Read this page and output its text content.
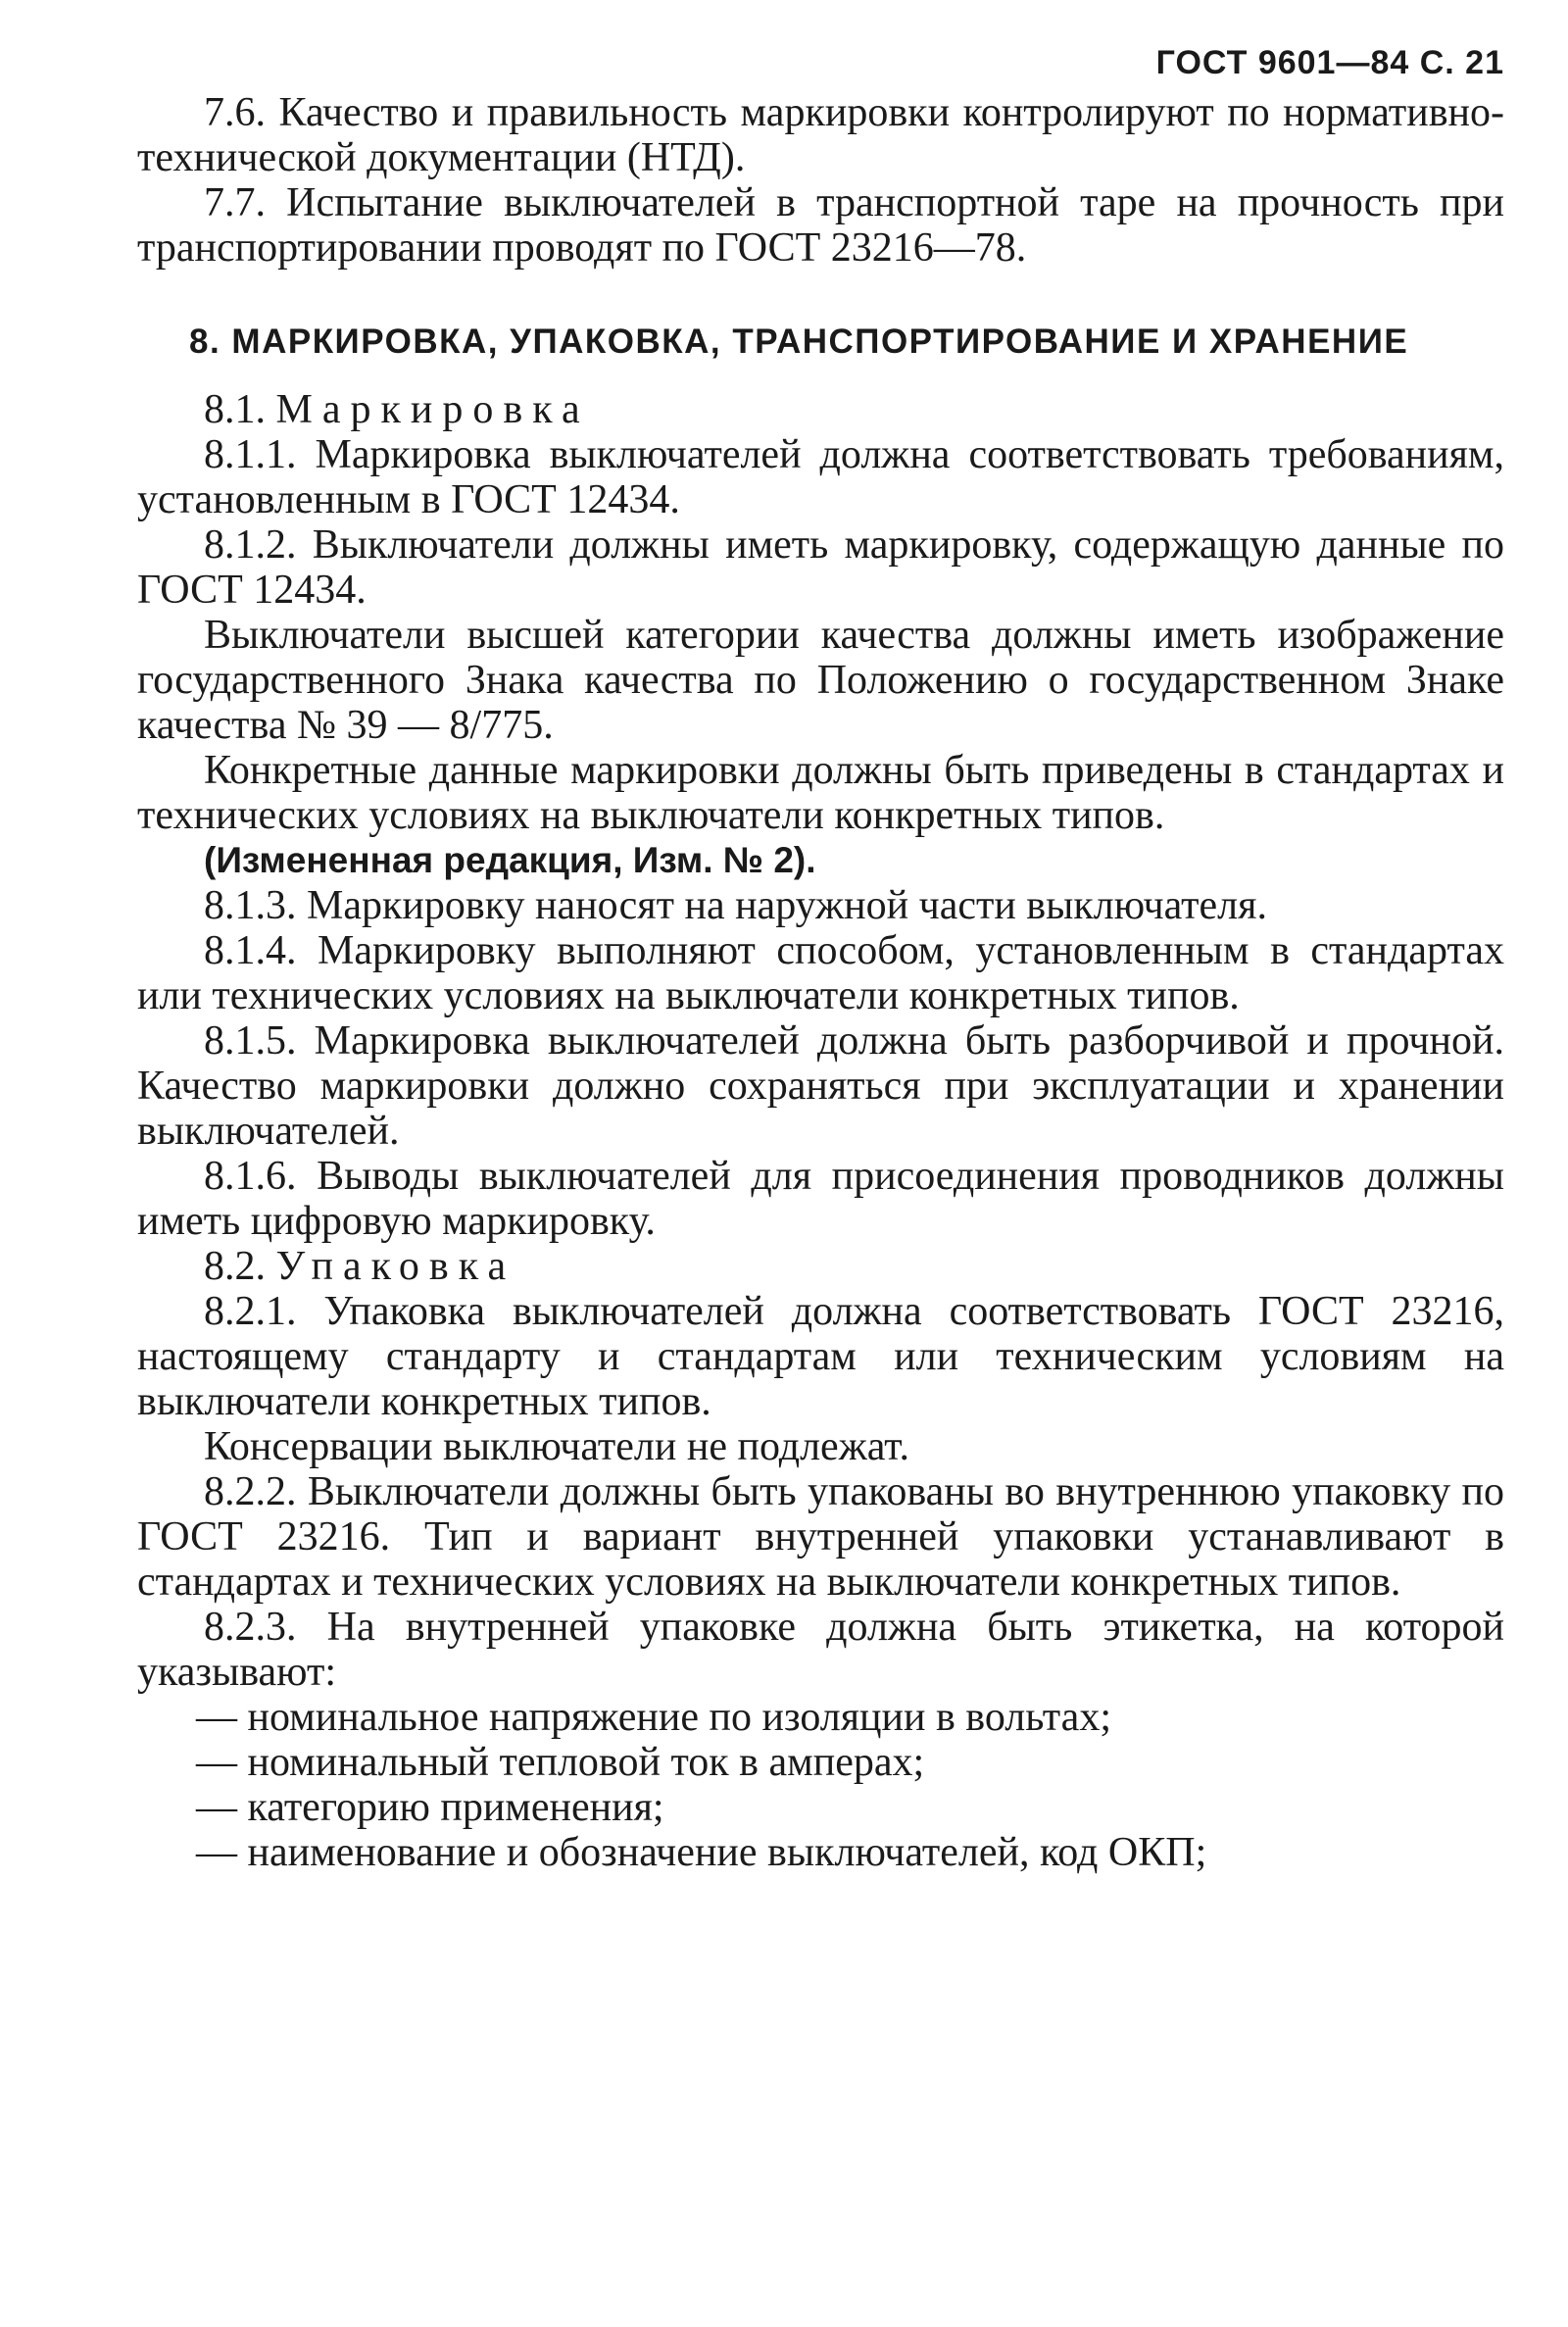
ГОСТ 9601—84 С. 21

7.6. Качество и правильность маркировки контролируют по нормативно-технической документации (НТД).

7.7. Испытание выключателей в транспортной таре на прочность при транспортировании проводят по ГОСТ 23216—78.

8. МАРКИРОВКА, УПАКОВКА, ТРАНСПОРТИРОВАНИЕ И ХРАНЕНИЕ

8.1. Маркировка

8.1.1. Маркировка выключателей должна соответствовать требованиям, установленным в ГОСТ 12434.

8.1.2. Выключатели должны иметь маркировку, содержащую данные по ГОСТ 12434.

Выключатели высшей категории качества должны иметь изображение государственного Знака качества по Положению о государственном Знаке качества № 39 — 8/775.

Конкретные данные маркировки должны быть приведены в стандартах и технических условиях на выключатели конкретных типов.

(Измененная редакция, Изм. № 2).

8.1.3. Маркировку наносят на наружной части выключателя.

8.1.4. Маркировку выполняют способом, установленным в стандартах или технических условиях на выключатели конкретных типов.

8.1.5. Маркировка выключателей должна быть разборчивой и прочной. Качество маркировки должно сохраняться при эксплуатации и хранении выключателей.

8.1.6. Выводы выключателей для присоединения проводников должны иметь цифровую маркировку.

8.2. Упаковка

8.2.1. Упаковка выключателей должна соответствовать ГОСТ 23216, настоящему стандарту и стандартам или техническим условиям на выключатели конкретных типов.

Консервации выключатели не подлежат.

8.2.2. Выключатели должны быть упакованы во внутреннюю упаковку по ГОСТ 23216. Тип и вариант внутренней упаковки устанавливают в стандартах и технических условиях на выключатели конкретных типов.

8.2.3. На внутренней упаковке должна быть этикетка, на которой указывают:

— номинальное напряжение по изоляции в вольтах;

— номинальный тепловой ток в амперах;

— категорию применения;

— наименование и обозначение выключателей, код ОКП;
